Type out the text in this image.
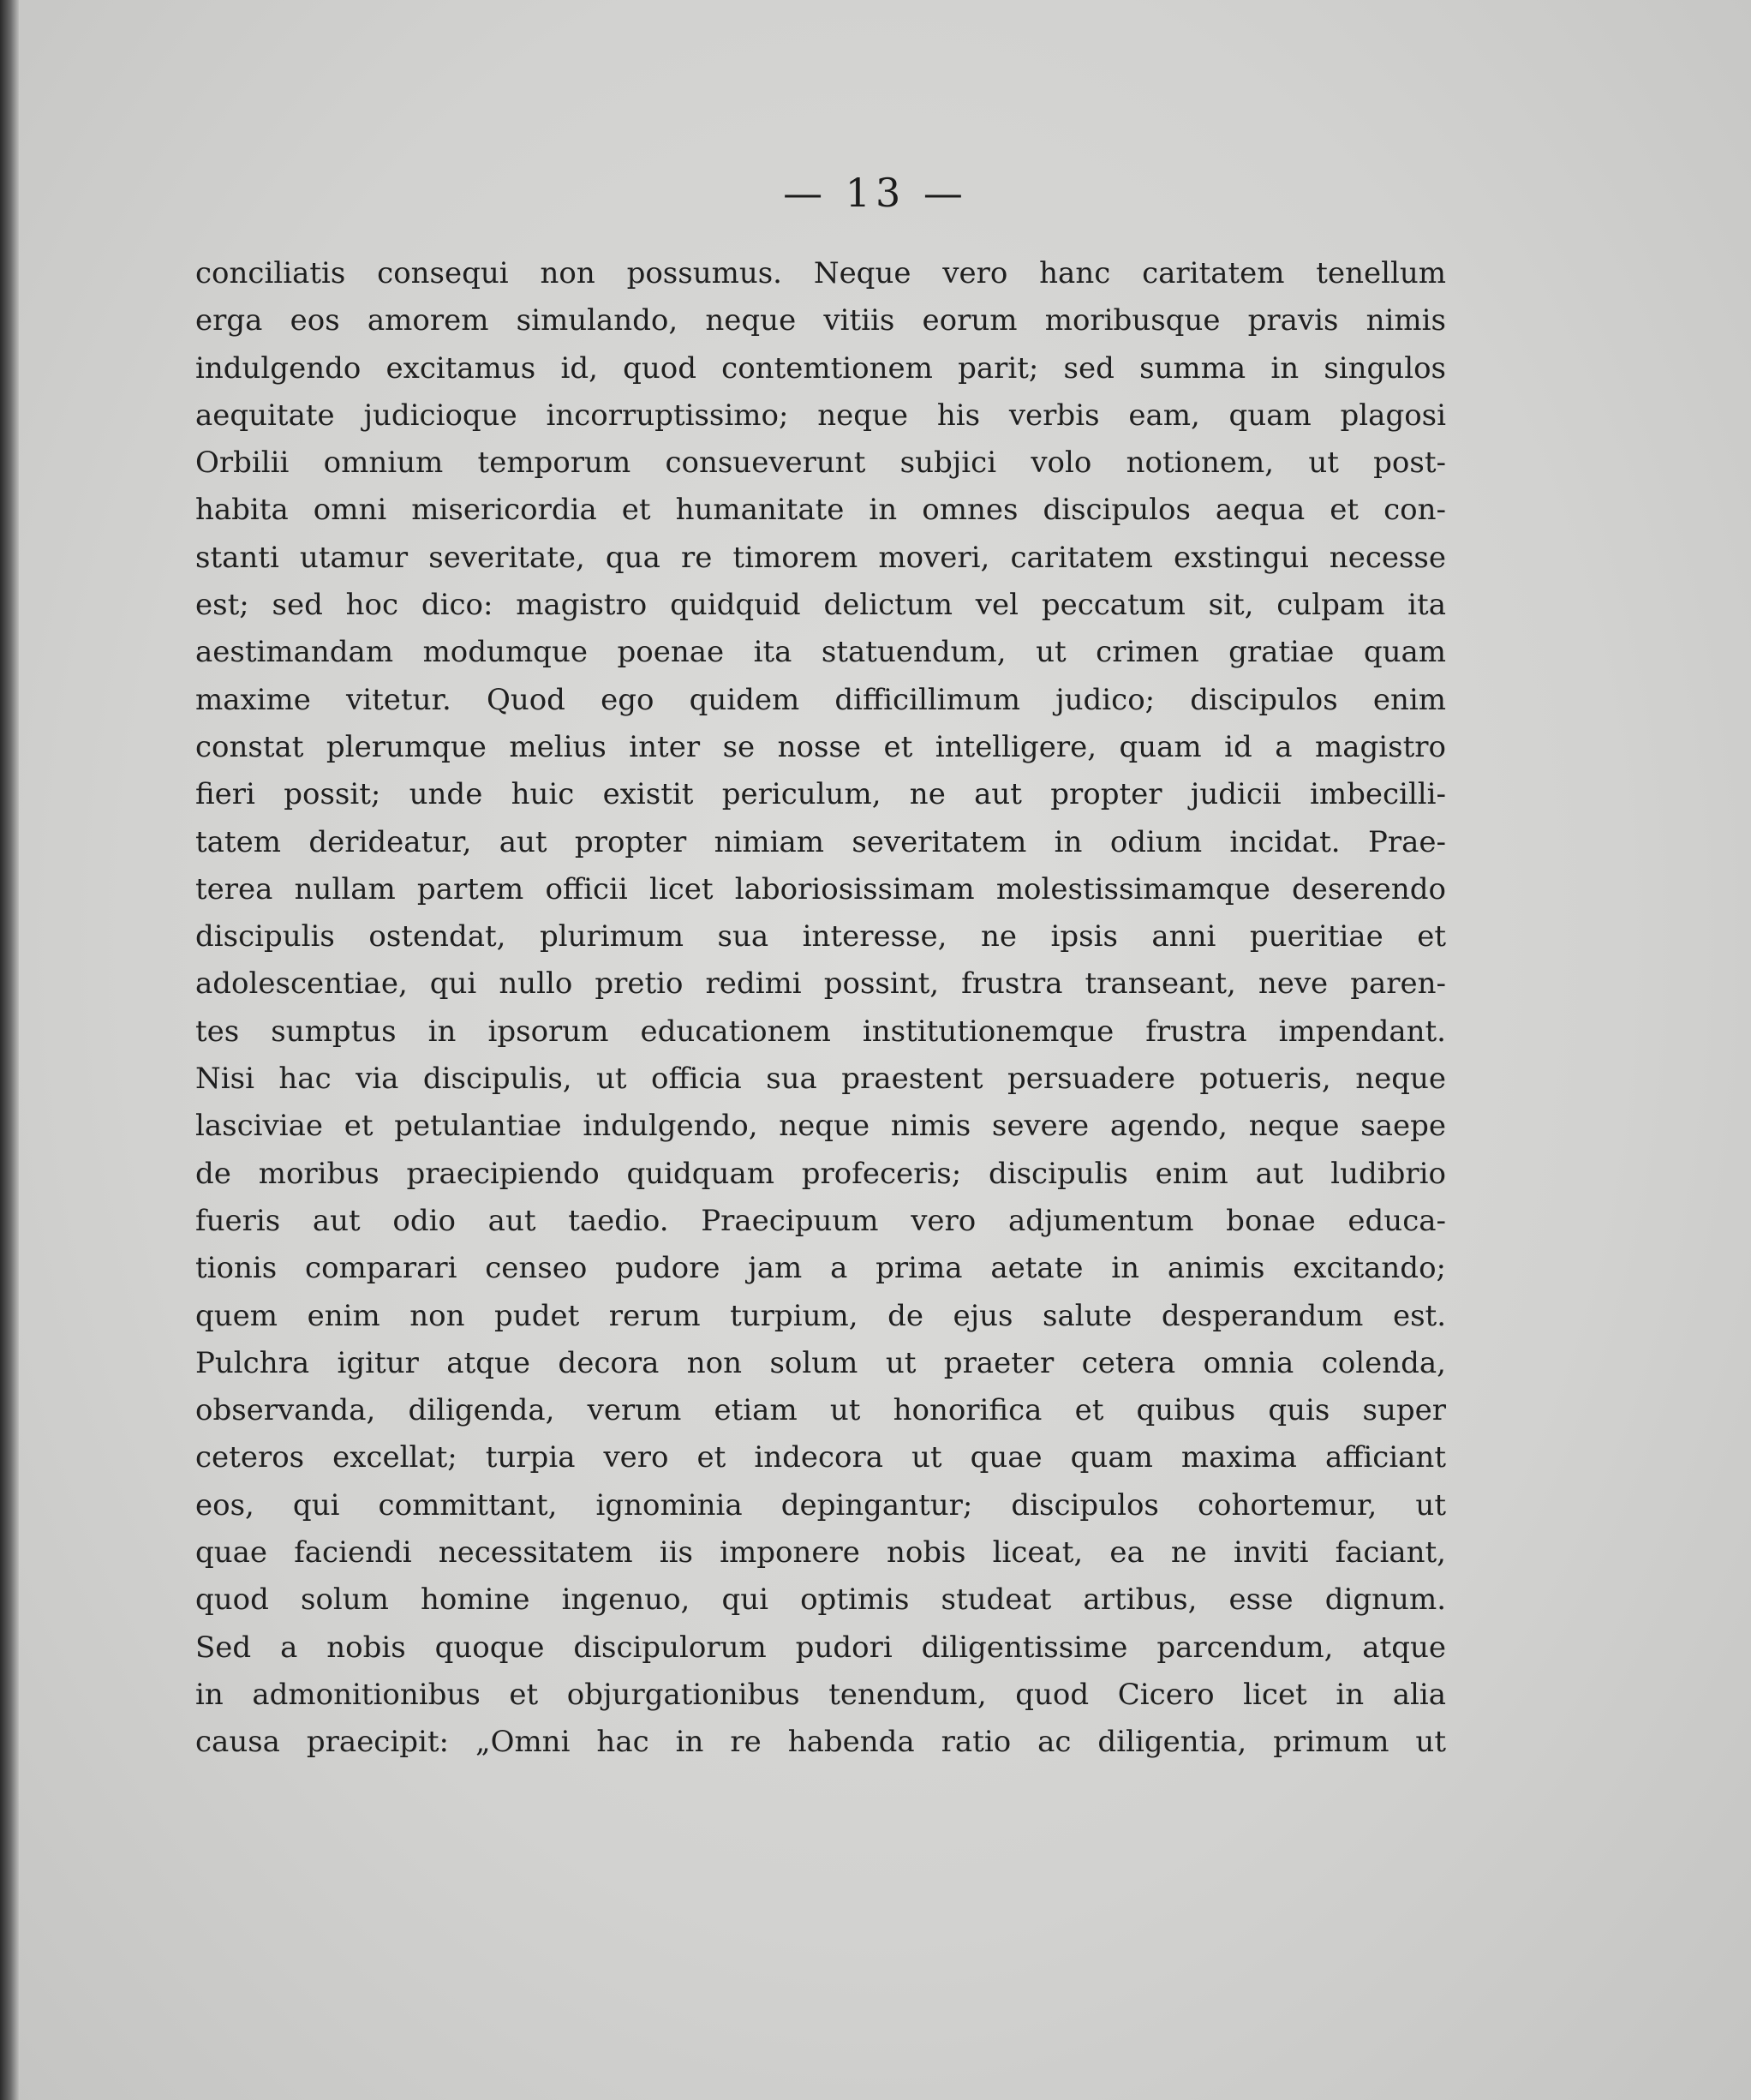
— 13 —
conciliatis consequi non possumus. Neque vero hanc caritatem tenellum
erga eos amorem simulando, neque vitiis eorum moribusque pravis nimis
indulgendo excitamus id, quod contemtionem parit; sed summa in singulos
aequitate judicioque incorruptissimo; neque his verbis eam, quam plagosi
Orbilii omnium temporum consueverunt subjici volo notionem, ut post-
habita omni misericordia et humanitate in omnes discipulos aequa et con-
stanti utamur severitate, qua re timorem moveri, caritatem exstingui necesse
est; sed hoc dico: magistro quidquid delictum vel peccatum sit, culpam ita
aestimandam modumque poenae ita statuendum, ut crimen gratiae quam
maxime vitetur. Quod ego quidem difficillimum judico; discipulos enim
constat plerumque melius inter se nosse et intelligere, quam id a magistro
fieri possit; unde huic existit periculum, ne aut propter judicii imbecilli-
tatem derideatur, aut propter nimiam severitatem in odium incidat. Prae-
terea nullam partem officii licet laboriosissimam molestissimamque deserendo
discipulis ostendat, plurimum sua interesse, ne ipsis anni pueritiae et
adolescentiae, qui nullo pretio redimi possint, frustra transeant, neve paren-
tes sumptus in ipsorum educationem institutionemque frustra impendant.
Nisi hac via discipulis, ut officia sua praestent persuadere potueris, neque
lasciviae et petulantiae indulgendo, neque nimis severe agendo, neque saepe
de moribus praecipiendo quidquam profeceris; discipulis enim aut ludibrio
fueris aut odio aut taedio. Praecipuum vero adjumentum bonae educa-
tionis comparari censeo pudore jam a prima aetate in animis excitando;
quem enim non pudet rerum turpium, de ejus salute desperandum est.
Pulchra igitur atque decora non solum ut praeter cetera omnia colenda,
observanda, diligenda, verum etiam ut honorifica et quibus quis super
ceteros excellat; turpia vero et indecora ut quae quam maxima afficiant
eos, qui committant, ignominia depingantur; discipulos cohortemur, ut
quae faciendi necessitatem iis imponere nobis liceat, ea ne inviti faciant,
quod solum homine ingenuo, qui optimis studeat artibus, esse dignum.
Sed a nobis quoque discipulorum pudori diligentissime parcendum, atque
in admonitionibus et objurgationibus tenendum, quod Cicero licet in alia
causa praecipit: „Omni hac in re habenda ratio ac diligentia, primum ut
